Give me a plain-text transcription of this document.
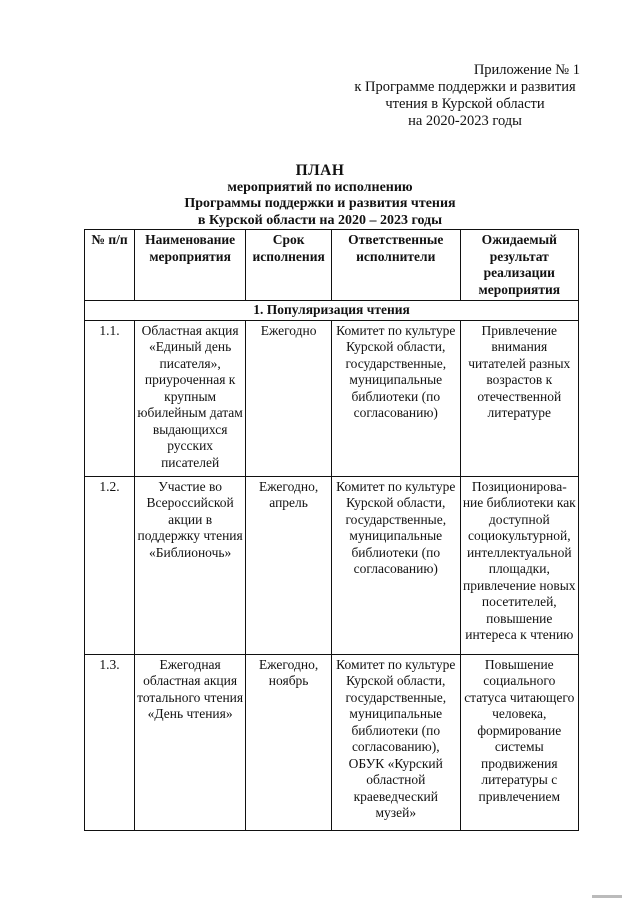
Приложение № 1
к Программе поддержки и развития
чтения в Курской области
на 2020-2023 годы
ПЛАН
мероприятий по исполнению
Программы поддержки и развития чтения
в Курской области на 2020 – 2023 годы
№ п/п	Наименование мероприятия	Срок исполнения	Ответственные исполнители	Ожидаемый результат реализации мероприятия
1. Популяризация чтения				
1.1.	Областная акция «Единый день писателя», приуроченная к крупным юбилейным датам выдающихся русских писателей	Ежегодно	Комитет по культуре Курской области, государственные, муниципальные библиотеки (по согласованию)	Привлечение внимания читателей разных возрастов к отечественной литературе
1.2.	Участие во Всероссийской акции в поддержку чтения «Библионочь»	Ежегодно, апрель	Комитет по культуре Курской области, государственные, муниципальные библиотеки (по согласованию)	Позиционирова-ние библиотеки как доступной социокультурной, интеллектуальной площадки, привлечение новых посетителей, повышение интереса к чтению
1.3.	Ежегодная областная акция тотального чтения «День чтения»	Ежегодно, ноябрь	Комитет по культуре Курской области, государственные, муниципальные библиотеки (по согласованию), ОБУК «Курский областной краеведческий музей»	Повышение социального статуса читающего человека, формирование системы продвижения литературы с привлечением
